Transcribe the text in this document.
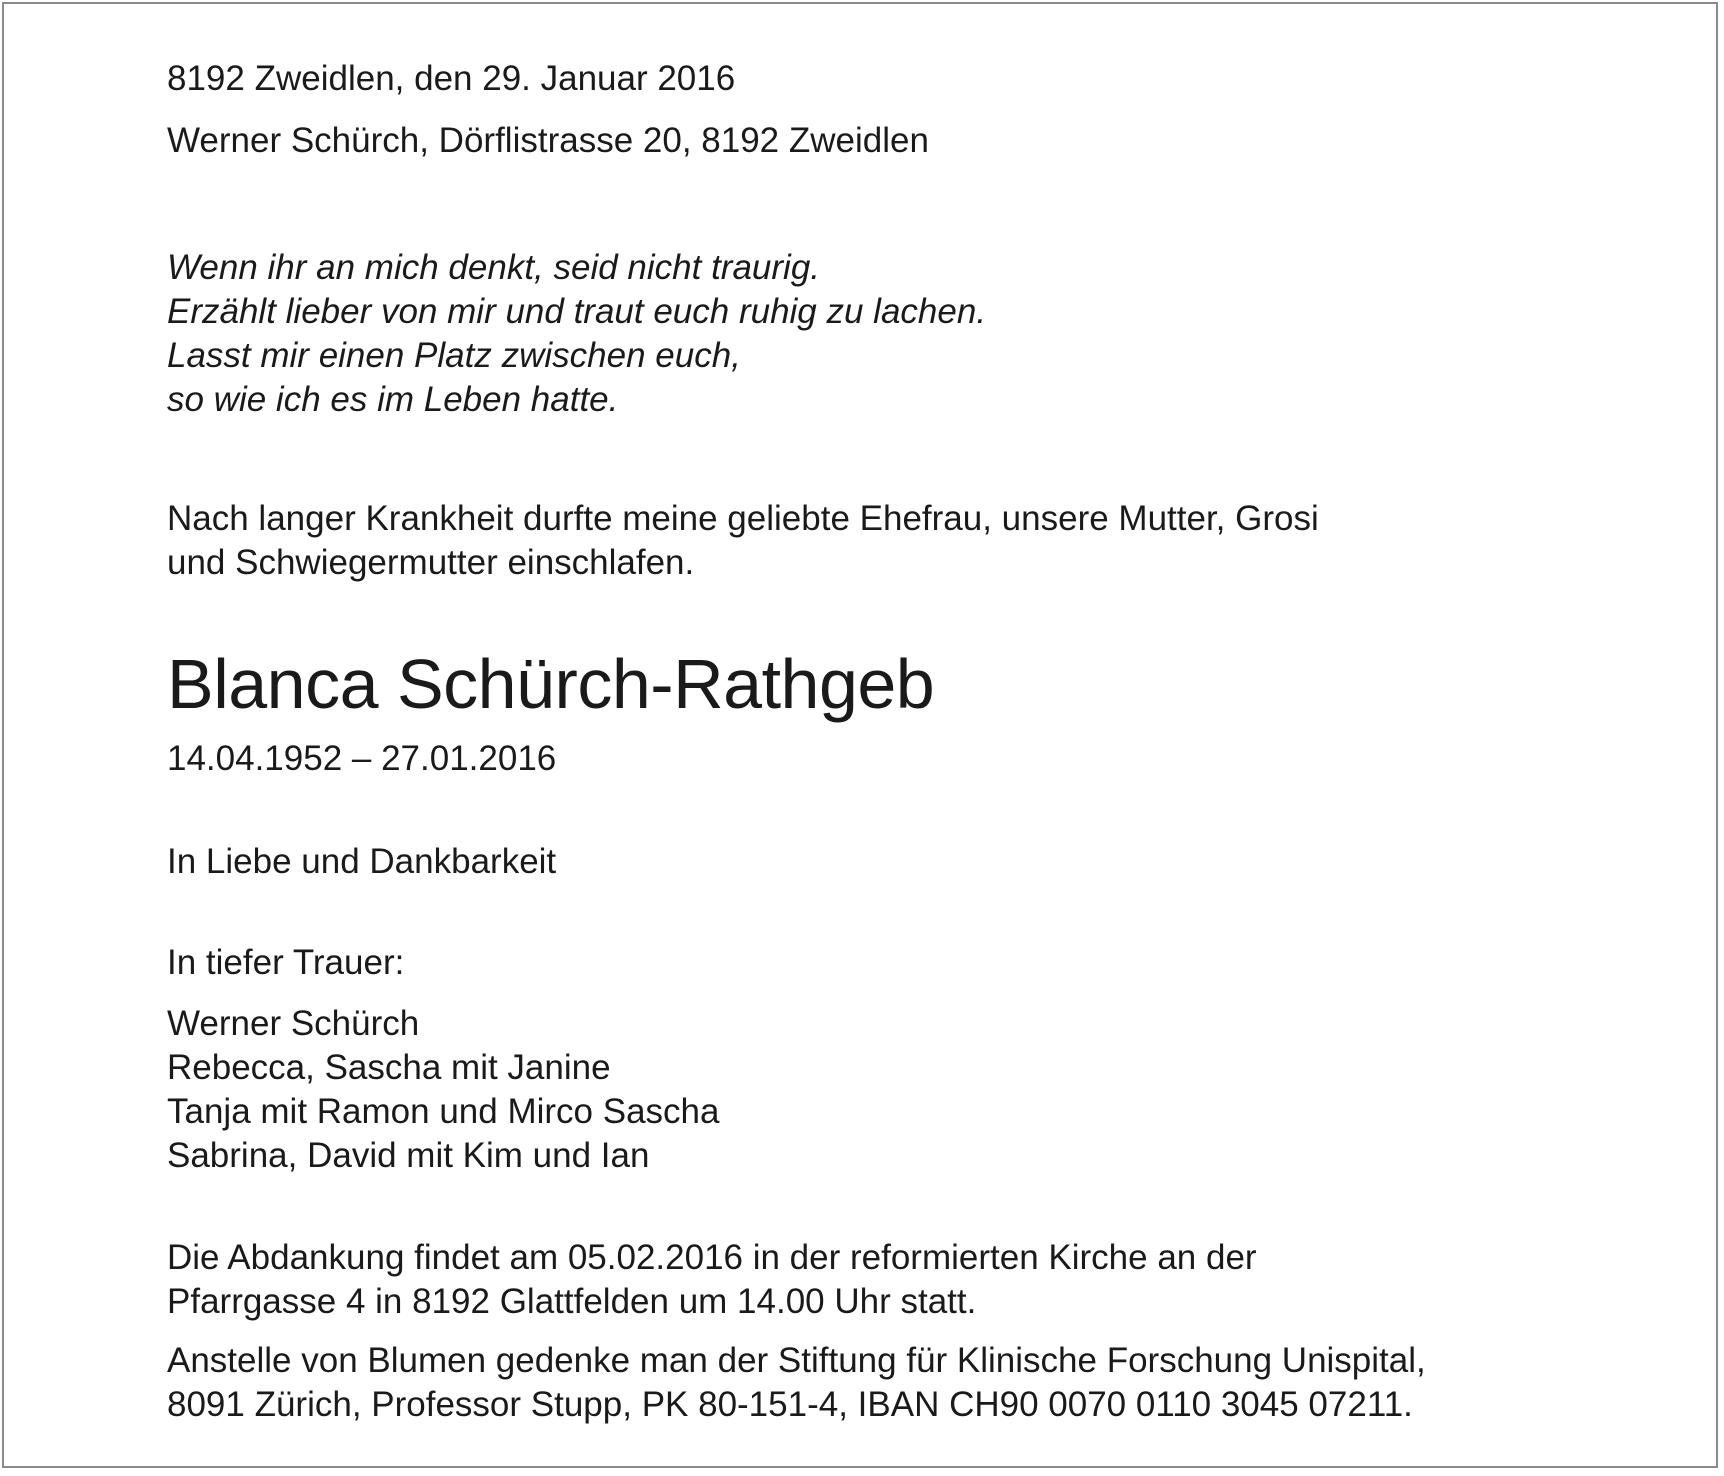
8192 Zweidlen, den 29. Januar 2016

Werner Schürch, Dörflistrasse 20, 8192 Zweidlen

Wenn ihr an mich denkt, seid nicht traurig.

Erzählt lieber von mir und traut euch ruhig zu lachen.

Lasst mir einen Platz zwischen euch,

so wie ich es im Leben hatte.

Nach langer Krankheit durfte meine geliebte Ehefrau, unsere Mutter, Grosi

und Schwiegermutter einschlafen.

Blanca Schürch-Rathgeb

14.04.1952 – 27.01.2016

In Liebe und Dankbarkeit

In tiefer Trauer:

Werner Schürch

Rebecca, Sascha mit Janine

Tanja mit Ramon und Mirco Sascha

Sabrina, David mit Kim und Ian

Die Abdankung findet am 05.02.2016 in der reformierten Kirche an der

Pfarrgasse 4 in 8192 Glattfelden um 14.00 Uhr statt.

Anstelle von Blumen gedenke man der Stiftung für Klinische Forschung Unispital,

8091 Zürich, Professor Stupp, PK 80-151-4, IBAN CH90 0070 0110 3045 07211.
